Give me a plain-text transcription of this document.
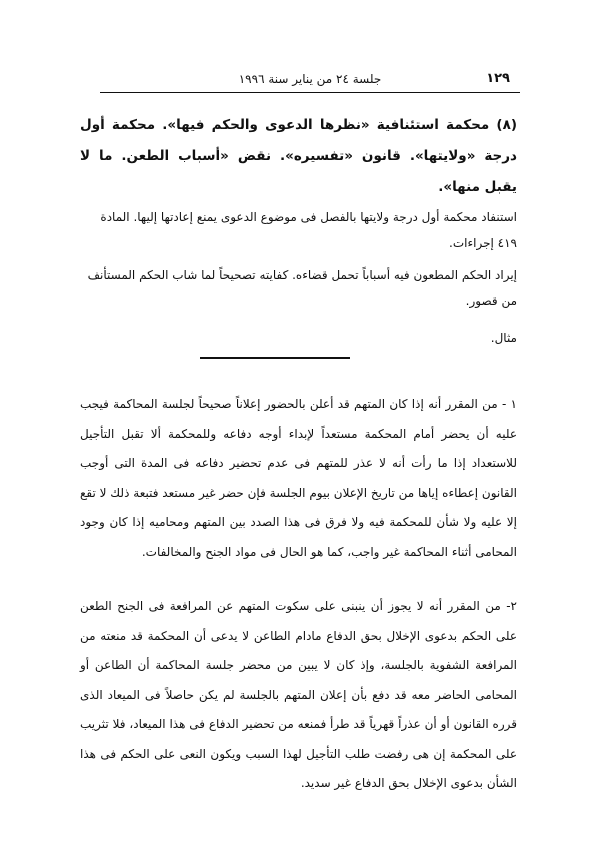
١٢٩
جلسة ٢٤ من يناير سنة ١٩٩٦
(٨) محكمة استئنافية «نظرها الدعوى والحكم فيها». محكمة أول درجة «ولايتها». قانون «تفسيره». نقض «أسباب الطعن. ما لا يقبل منها».
استنفاد محكمة أول درجة ولايتها بالفصل فى موضوع الدعوى يمنع إعادتها إليها. المادة ٤١٩ إجراءات.
إيراد الحكم المطعون فيه أسباباً تحمل قضاءه. كفايته تصحيحاً لما شاب الحكم المستأنف من قصور.
مثال.
١ - من المقرر أنه إذا كان المتهم قد أعلن بالحضور إعلاناً صحيحاً لجلسة المحاكمة فيجب عليه أن يحضر أمام المحكمة مستعداً لإبداء أوجه دفاعه وللمحكمة ألا تقبل التأجيل للاستعداد إذا ما رأت أنه لا عذر للمتهم فى عدم تحضير دفاعه فى المدة التى أوجب القانون إعطاءه إياها من تاريخ الإعلان بيوم الجلسة فإن حضر غير مستعد فتبعة ذلك لا تقع إلا عليه ولا شأن للمحكمة فيه ولا فرق فى هذا الصدد بين المتهم ومحاميه إذا كان وجود المحامى أثناء المحاكمة غير واجب، كما هو الحال فى مواد الجنح والمخالفات.
٢- من المقرر أنه لا يجوز أن ينبنى على سكوت المتهم عن المرافعة فى الجنح الطعن على الحكم بدعوى الإخلال بحق الدفاع مادام الطاعن لا يدعى أن المحكمة قد منعته من المرافعة الشفوية بالجلسة، وإذ كان لا يبين من محضر جلسة المحاكمة أن الطاعن أو المحامى الحاضر معه قد دفع بأن إعلان المتهم بالجلسة لم يكن حاصلاً فى الميعاد الذى قرره القانون أو أن عذراً قهرياً قد طرأ فمنعه من تحضير الدفاع فى هذا الميعاد، فلا تثريب على المحكمة إن هى رفضت طلب التأجيل لهذا السبب ويكون النعى على الحكم فى هذا الشأن بدعوى الإخلال بحق الدفاع غير سديد.
